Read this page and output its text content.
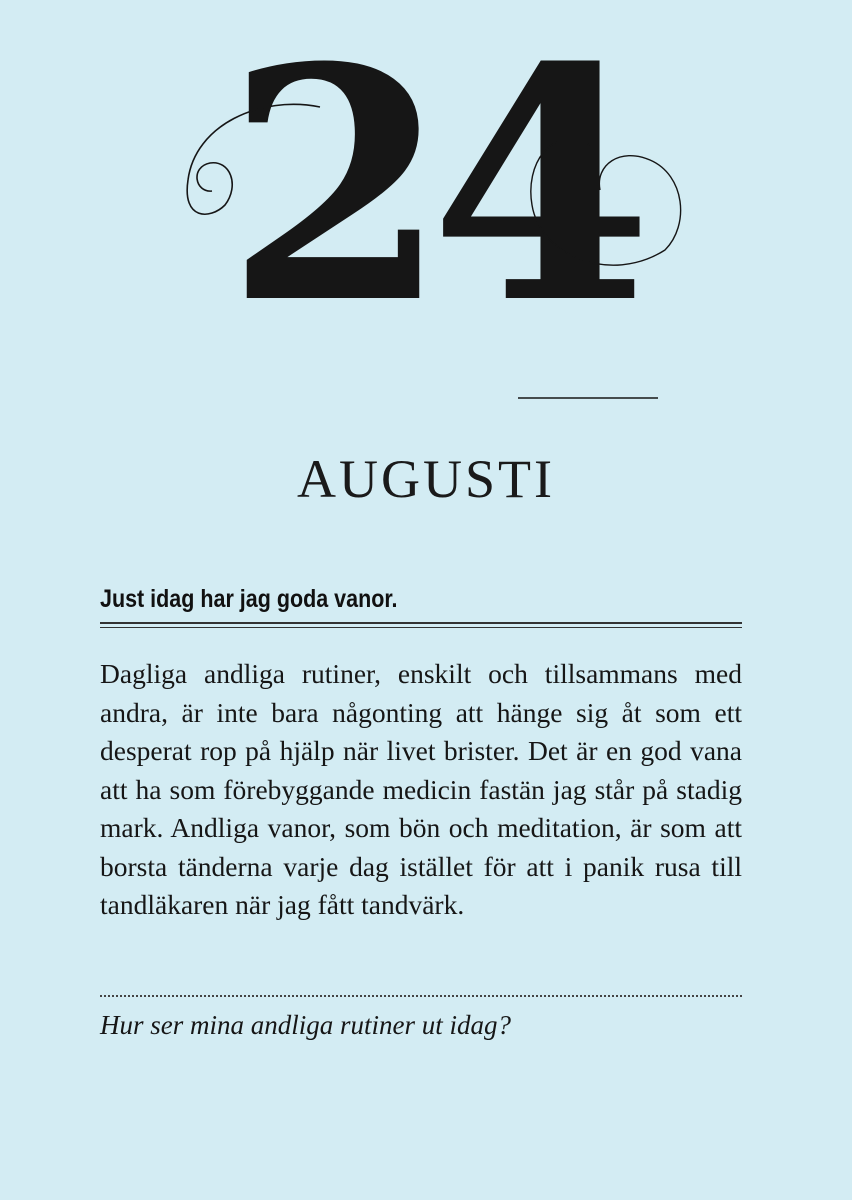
24
AUGUSTI
Just idag har jag goda vanor.

Dagliga andliga rutiner, enskilt och tillsammans med andra, är inte bara någonting att hänge sig åt som ett desperat rop på hjälp när livet brister. Det är en god vana att ha som förebyggande medicin fastän jag står på stadig mark. Andliga vanor, som bön och meditation, är som att borsta tänderna varje dag istället för att i panik rusa till tandläkaren när jag fått tandvärk.

Hur ser mina andliga rutiner ut idag?
